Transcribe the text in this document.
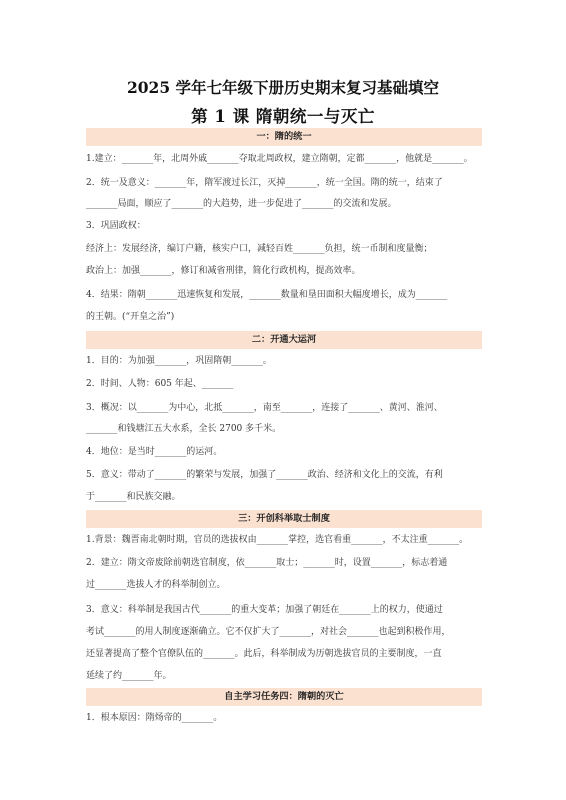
2025 学年七年级下册历史期末复习基础填空
第 1 课 隋朝统一与灭亡
一：隋的统一
1.建立：_______年，北周外戚_______夺取北周政权，建立隋朝，定都_______，他就是_______。
2．统一及意义：_______年，隋军渡过长江，灭掉_______，统一全国。隋的统一，结束了
_______局面，顺应了_______的大趋势，进一步促进了_______的交流和发展。
3．巩固政权：
经济上：发展经济，编订户籍，核实户口，减轻百姓_______负担，统一币制和度量衡；
政治上：加强_______，修订和减省刑律，简化行政机构，提高效率。
4．结果：隋朝_______迅速恢复和发展，_______数量和垦田面积大幅度增长，成为_______
的王朝。(“开皇之治”)
二：开通大运河
1．目的：为加强_______，巩固隋朝_______。
2．时间、人物：605 年起、_______
3．概况：以_______为中心，北抵_______，南至_______，连接了_______、黄河、淮河、
_______和钱塘江五大水系，全长 2700 多千米。
4．地位：是当时_______的运河。
5．意义：带动了_______的繁荣与发展，加强了_______政治、经济和文化上的交流，有利
于_______和民族交融。
三：开创科举取士制度
1.背景：魏晋南北朝时期，官员的选拔权由_______掌控，选官看重_______，不太注重_______。
2．建立：隋文帝废除前朝选官制度，依_______取士；_______时，设置_______，标志着通
过_______选拔人才的科举制创立。
3．意义：科举制是我国古代_______的重大变革；加强了朝廷在_______上的权力，使通过
考试_______的用人制度逐渐确立。它不仅扩大了_______，对社会_______也起到积极作用，
还显著提高了整个官僚队伍的_______。此后，科举制成为历朝选拔官员的主要制度，一直
延续了约_______年。
自主学习任务四：隋朝的灭亡
1．根本原因：隋炀帝的_______。
